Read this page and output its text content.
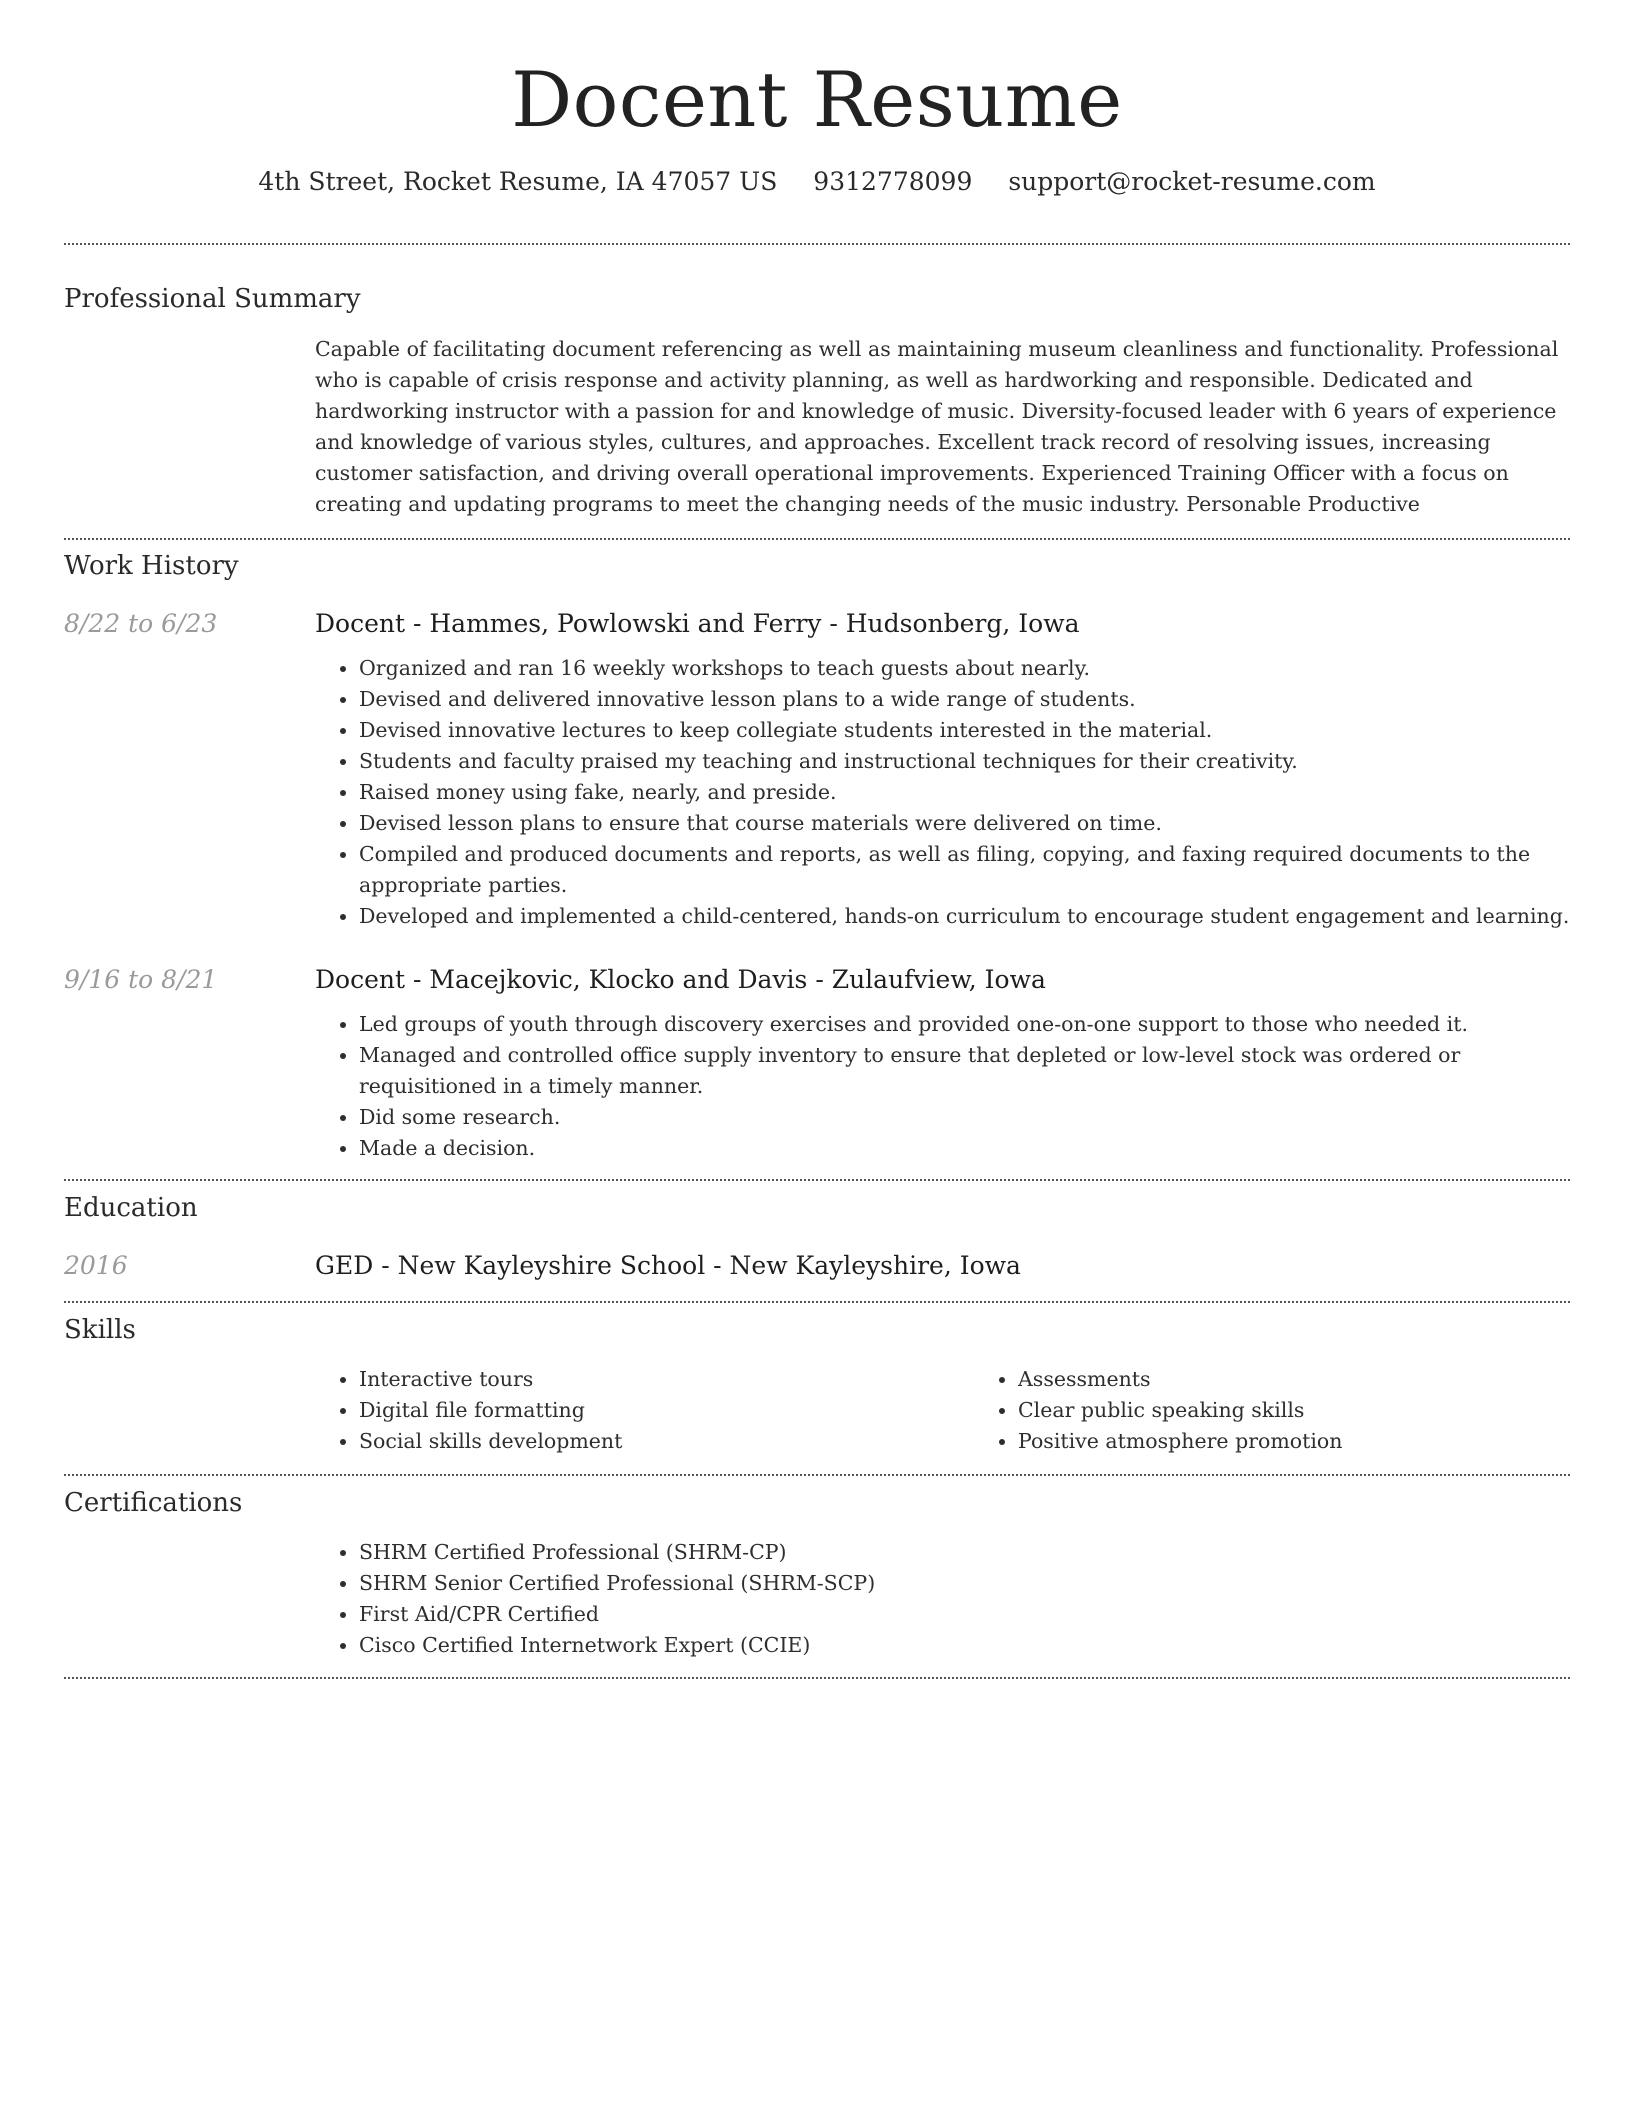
Docent Resume
4th Street, Rocket Resume, IA 47057 US 9312778099 support@rocket-resume.com
Professional Summary

Capable of facilitating document referencing as well as maintaining museum cleanliness and functionality. Professional who is capable of crisis response and activity planning, as well as hardworking and responsible. Dedicated and hardworking instructor with a passion for and knowledge of music. Diversity-focused leader with 6 years of experience and knowledge of various styles, cultures, and approaches. Excellent track record of resolving issues, increasing customer satisfaction, and driving overall operational improvements. Experienced Training Officer with a focus on creating and updating programs to meet the changing needs of the music industry. Personable Productive

Work History
8/22 to 6/23	Docent - Hammes, Powlowski and Ferry - Hudsonberg, Iowa
• Organized and ran 16 weekly workshops to teach guests about nearly.
• Devised and delivered innovative lesson plans to a wide range of students.
• Devised innovative lectures to keep collegiate students interested in the material.
• Students and faculty praised my teaching and instructional techniques for their creativity.
• Raised money using fake, nearly, and preside.
• Devised lesson plans to ensure that course materials were delivered on time.
• Compiled and produced documents and reports, as well as filing, copying, and faxing required documents to the appropriate parties.
• Developed and implemented a child-centered, hands-on curriculum to encourage student engagement and learning.
9/16 to 8/21	Docent - Macejkovic, Klocko and Davis - Zulaufview, Iowa
• Led groups of youth through discovery exercises and provided one-on-one support to those who needed it.
• Managed and controlled office supply inventory to ensure that depleted or low-level stock was ordered or requisitioned in a timely manner.
• Did some research.
• Made a decision.
Education
2016	GED - New Kayleyshire School - New Kayleyshire, Iowa
Skills
• Interactive tours
• Digital file formatting
• Social skills development
• Assessments
• Clear public speaking skills
• Positive atmosphere promotion
Certifications
• SHRM Certified Professional (SHRM-CP)
• SHRM Senior Certified Professional (SHRM-SCP)
• First Aid/CPR Certified
• Cisco Certified Internetwork Expert (CCIE)
